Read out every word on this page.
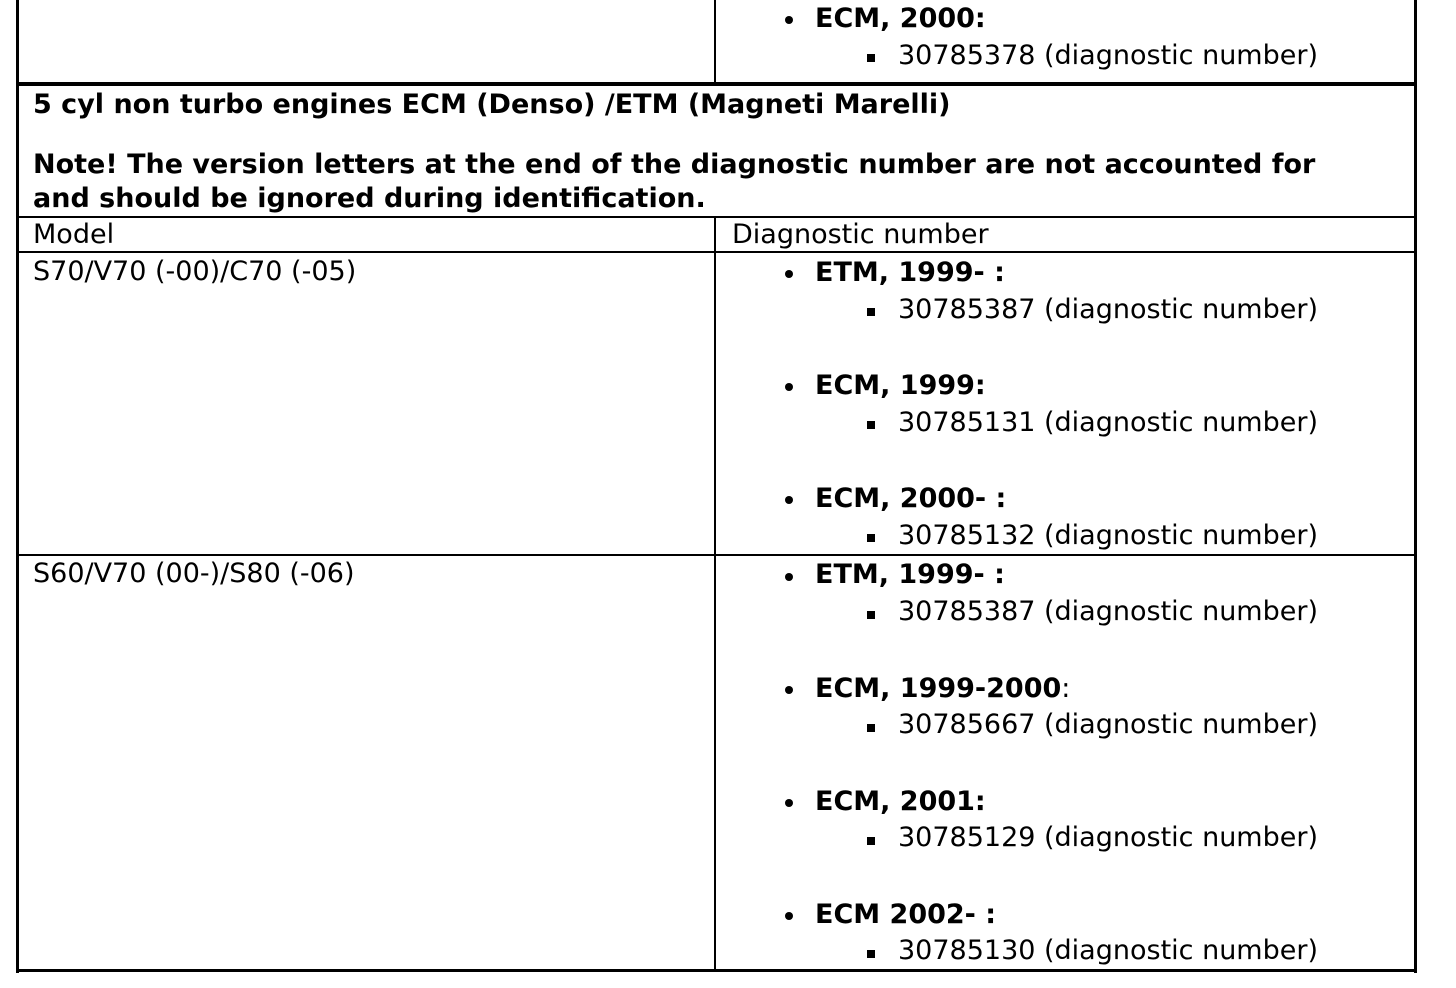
ECM, 2000:
30785378 (diagnostic number)
5 cyl non turbo engines ECM (Denso) /ETM (Magneti Marelli)
Note! The version letters at the end of the diagnostic number are not accounted for
and should be ignored during identification.
Model	Diagnostic number
S70/V70 (-00)/C70 (-05)	ETM, 1999- :
30785387 (diagnostic number)
ECM, 1999:
30785131 (diagnostic number)
ECM, 2000- :
30785132 (diagnostic number)
S60/V70 (00-)/S80 (-06)	ETM, 1999- :
30785387 (diagnostic number)
ECM, 1999-2000:
30785667 (diagnostic number)
ECM, 2001:
30785129 (diagnostic number)
ECM 2002- :
30785130 (diagnostic number)
